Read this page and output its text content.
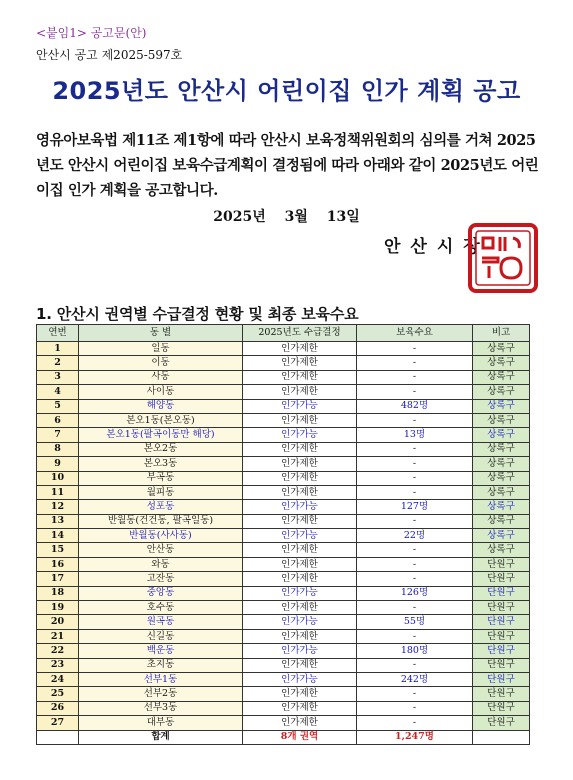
<붙임1> 공고문(안)
안산시 공고 제2025-597호
2025년도 안산시 어린이집 인가 계획 공고
영유아보육법 제11조 제1항에 따라 안산시 보육정책위원회의 심의를 거쳐 2025년도 안산시 어린이집 보육수급계획이 결정됨에 따라 아래와 같이 2025년도 어린이집 인가 계획을 공고합니다.
2025년 3월 13일
안산시장
1. 안산시 권역별 수급결정 현황 및 최종 보육수요
연번	동 별	2025년도 수급결정	보육수요	비고
1	일동	인가제한	-	상록구
2	이동	인가제한	-	상록구
3	사동	인가제한	-	상록구
4	사이동	인가제한	-	상록구
5	해양동	인가가능	482명	상록구
6	본오1동(본오동)	인가제한	-	상록구
7	본오1동(팔곡이동만 해당)	인가가능	13명	상록구
8	본오2동	인가제한	-	상록구
9	본오3동	인가제한	-	상록구
10	부곡동	인가제한	-	상록구
11	월피동	인가제한	-	상록구
12	성포동	인가가능	127명	상록구
13	반월동(건건동, 팔곡일동)	인가제한	-	상록구
14	반월동(사사동)	인가가능	22명	상록구
15	안산동	인가제한	-	상록구
16	와동	인가제한	-	단원구
17	고잔동	인가제한	-	단원구
18	중앙동	인가가능	126명	단원구
19	호수동	인가제한	-	단원구
20	원곡동	인가가능	55명	단원구
21	신길동	인가제한	-	단원구
22	백운동	인가가능	180명	단원구
23	초지동	인가제한	-	단원구
24	선부1동	인가가능	242명	단원구
25	선부2동	인가제한	-	단원구
26	선부3동	인가제한	-	단원구
27	대부동	인가제한	-	단원구
	합계	8개 권역	1,247명	
